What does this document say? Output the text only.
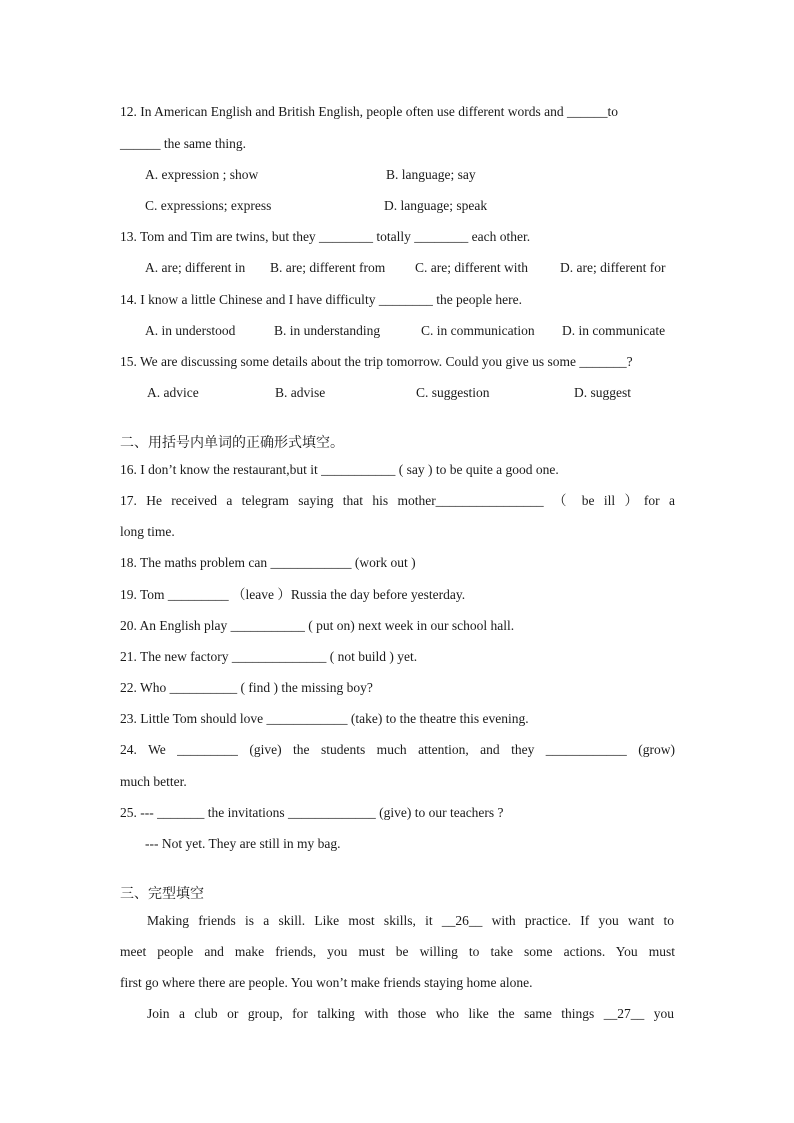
12. In American English and British English, people often use different words and ______to
______ the same thing.
A. expression ; show	B. language; say
C. expressions; express	D. language; speak
13. Tom and Tim are twins, but they ________ totally ________ each other.
A. are; different in B. are; different from C. are; different with D. are; different for
14. I know a little Chinese and I have difficulty ________ the people here.
A. in understood	B. in understanding	C. in communication D. in communicate
15. We are discussing some details about the trip tomorrow. Could you give us some _______?
A. advice	B. advise	C. suggestion	D. suggest
二、用括号内单词的正确形式填空。
16. I don’t know the restaurant,but it ___________ ( say ) to be quite a good one.
17. He received a telegram saying that his mother________________ （ be ill ）for a
long time.
18. The maths problem can ____________ (work out )
19. Tom _________ （leave ）Russia the day before yesterday.
20. An English play ___________ ( put on) next week in our school hall.
21. The new factory ______________ ( not build ) yet.
22. Who __________ ( find ) the missing boy?
23. Little Tom should love ____________ (take) to the theatre this evening.
24. We _________ (give) the students much attention, and they ____________ (grow)
much better.
25. --- _______ the invitations _____________ (give) to our teachers ?
--- Not yet. They are still in my bag.
三、完型填空
Making friends is a skill. Like most skills, it __26__ with practice. If you want to
meet people and make friends, you must be willing to take some actions. You must
first go where there are people. You won’t make friends staying home alone.
Join a club or group, for talking with those who like the same things __27__ you
